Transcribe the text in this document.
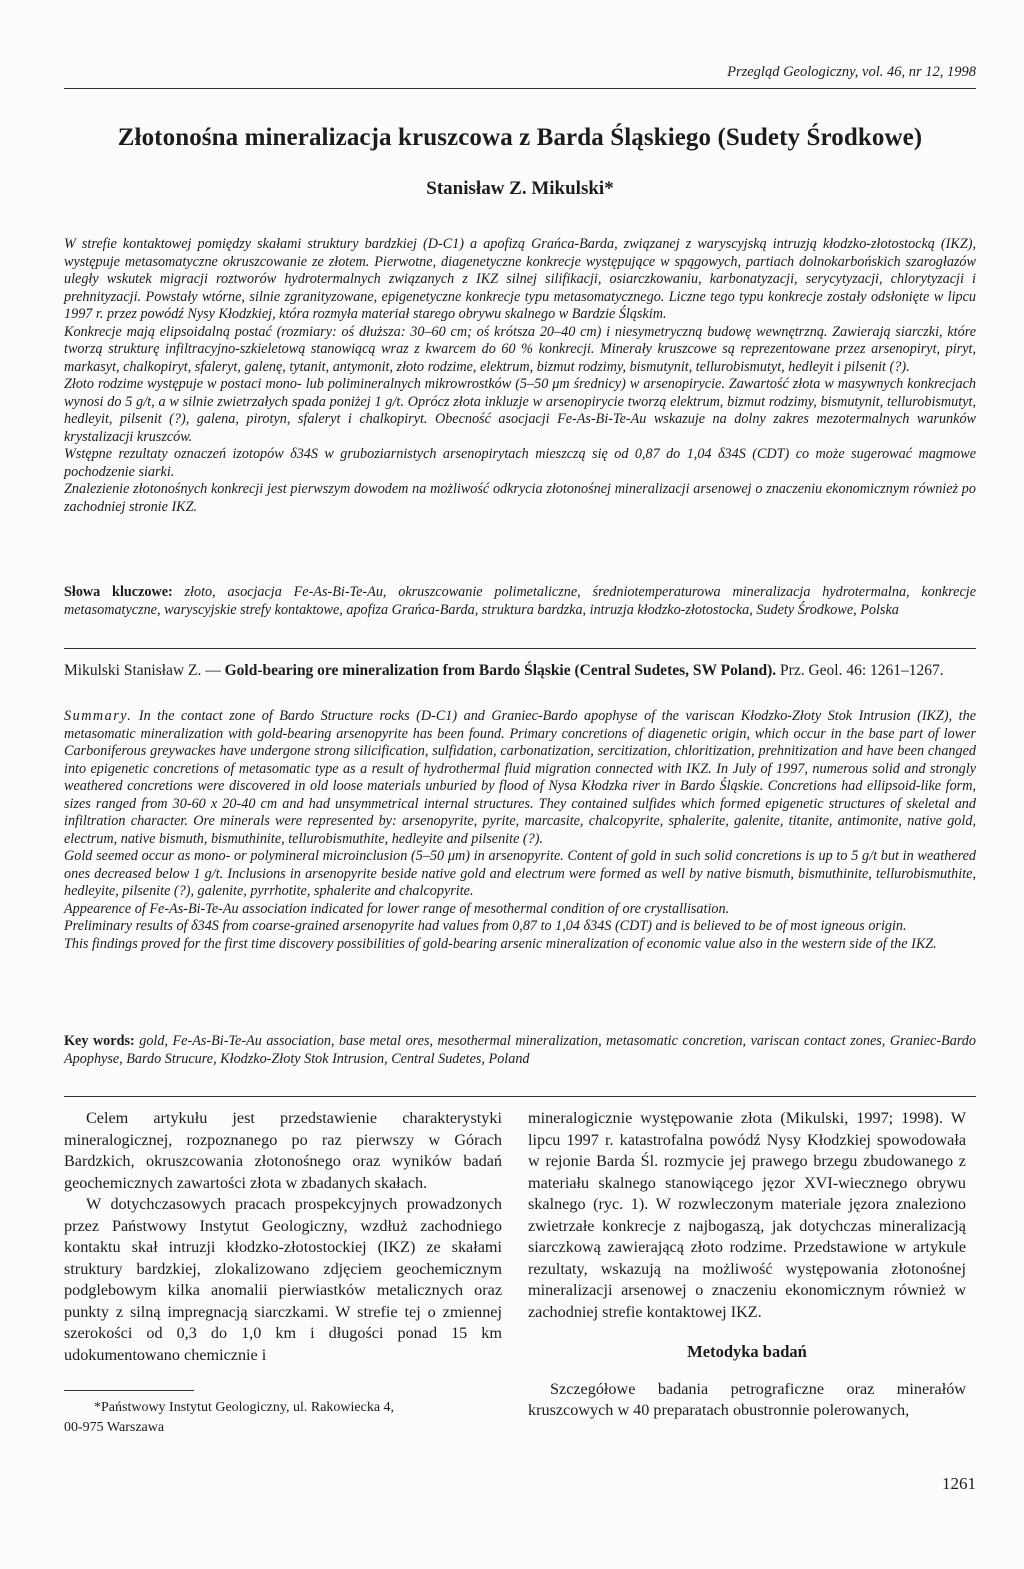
Przegląd Geologiczny, vol. 46, nr 12, 1998
Złotonośna mineralizacja kruszcowa z Barda Śląskiego (Sudety Środkowe)
Stanisław Z. Mikulski*

W strefie kontaktowej pomiędzy skałami struktury bardzkiej (D-C1) a apofizą Grańca-Barda, związanej z waryscyjską intruzją kłodzko-złotostocką (IKZ), występuje metasomatyczne okruszcowanie ze złotem. Pierwotne, diagenetyczne konkrecje występujące w spągowych, partiach dolnokarbońskich szarogłazów uległy wskutek migracji roztworów hydrotermalnych związanych z IKZ silnej silifikacji, osiarczkowaniu, karbonatyzacji, serycytyzacji, chlorytyzacji i prehnityzacji. Powstały wtórne, silnie zgranityzowane, epigenetyczne konkrecje typu metasomatycznego. Liczne tego typu konkrecje zostały odsłonięte w lipcu 1997 r. przez powódź Nysy Kłodzkiej, która rozmyła materiał starego obrywu skalnego w Bardzie Śląskim.

Konkrecje mają elipsoidalną postać (rozmiary: oś dłuższa: 30–60 cm; oś krótsza 20–40 cm) i niesymetryczną budowę wewnętrzną. Zawierają siarczki, które tworzą strukturę infiltracyjno-szkieletową stanowiącą wraz z kwarcem do 60 % konkrecji. Minerały kruszcowe są reprezentowane przez arsenopiryt, piryt, markasyt, chalkopiryt, sfaleryt, galenę, tytanit, antymonit, złoto rodzime, elektrum, bizmut rodzimy, bismutynit, tellurobismutyt, hedleyit i pilsenit (?).

Złoto rodzime występuje w postaci mono- lub polimineralnych mikrowrostków (5–50 μm średnicy) w arsenopirycie. Zawartość złota w masywnych konkrecjach wynosi do 5 g/t, a w silnie zwietrzałych spada poniżej 1 g/t. Oprócz złota inkluzje w arsenopirycie tworzą elektrum, bizmut rodzimy, bismutynit, tellurobismutyt, hedleyit, pilsenit (?), galena, pirotyn, sfaleryt i chalkopiryt. Obecność asocjacji Fe-As-Bi-Te-Au wskazuje na dolny zakres mezotermalnych warunków krystalizacji kruszców.

Wstępne rezultaty oznaczeń izotopów δ34S w gruboziarnistych arsenopirytach mieszczą się od 0,87 do 1,04 δ34S (CDT) co może sugerować magmowe pochodzenie siarki.

Znalezienie złotonośnych konkrecji jest pierwszym dowodem na możliwość odkrycia złotonośnej mineralizacji arsenowej o znaczeniu ekonomicznym również po zachodniej stronie IKZ.

Słowa kluczowe: złoto, asocjacja Fe-As-Bi-Te-Au, okruszcowanie polimetaliczne, średniotemperaturowa mineralizacja hydrotermalna, konkrecje metasomatyczne, waryscyjskie strefy kontaktowe, apofiza Grańca-Barda, struktura bardzka, intruzja kłodzko-złotostocka, Sudety Środkowe, Polska
Mikulski Stanisław Z. — Gold-bearing ore mineralization from Bardo Śląskie (Central Sudetes, SW Poland). Prz. Geol. 46: 1261–1267.

Summary. In the contact zone of Bardo Structure rocks (D-C1) and Graniec-Bardo apophyse of the variscan Kłodzko-Złoty Stok Intrusion (IKZ), the metasomatic mineralization with gold-bearing arsenopyrite has been found. Primary concretions of diagenetic origin, which occur in the base part of lower Carboniferous greywackes have undergone strong silicification, sulfidation, carbonatization, sercitization, chloritization, prehnitization and have been changed into epigenetic concretions of metasomatic type as a result of hydrothermal fluid migration connected with IKZ. In July of 1997, numerous solid and strongly weathered concretions were discovered in old loose materials unburied by flood of Nysa Kłodzka river in Bardo Śląskie. Concretions had ellipsoid-like form, sizes ranged from 30-60 x 20-40 cm and had unsymmetrical internal structures. They contained sulfides which formed epigenetic structures of skeletal and infiltration character. Ore minerals were represented by: arsenopyrite, pyrite, marcasite, chalcopyrite, sphalerite, galenite, titanite, antimonite, native gold, electrum, native bismuth, bismuthinite, tellurobismuthite, hedleyite and pilsenite (?).

Gold seemed occur as mono- or polymineral microinclusion (5–50 μm) in arsenopyrite. Content of gold in such solid concretions is up to 5 g/t but in weathered ones decreased below 1 g/t. Inclusions in arsenopyrite beside native gold and electrum were formed as well by native bismuth, bismuthinite, tellurobismuthite, hedleyite, pilsenite (?), galenite, pyrrhotite, sphalerite and chalcopyrite.

Appearence of Fe-As-Bi-Te-Au association indicated for lower range of mesothermal condition of ore crystallisation.

Preliminary results of δ34S from coarse-grained arsenopyrite had values from 0,87 to 1,04 δ34S (CDT) and is believed to be of most igneous origin.

This findings proved for the first time discovery possibilities of gold-bearing arsenic mineralization of economic value also in the western side of the IKZ.

Key words: gold, Fe-As-Bi-Te-Au association, base metal ores, mesothermal mineralization, metasomatic concretion, variscan contact zones, Graniec-Bardo Apophyse, Bardo Strucure, Kłodzko-Złoty Stok Intrusion, Central Sudetes, Poland

Celem artykułu jest przedstawienie charakterystyki mineralogicznej, rozpoznanego po raz pierwszy w Górach Bardzkich, okruszcowania złotonośnego oraz wyników badań geochemicznych zawartości złota w zbadanych skałach.

W dotychczasowych pracach prospekcyjnych prowadzonych przez Państwowy Instytut Geologiczny, wzdłuż zachodniego kontaktu skał intruzji kłodzko-złotostockiej (IKZ) ze skałami struktury bardzkiej, zlokalizowano zdjęciem geochemicznym podglebowym kilka anomalii pierwiastków metalicznych oraz punkty z silną impregnacją siarczkami. W strefie tej o zmiennej szerokości od 0,3 do 1,0 km i długości ponad 15 km udokumentowano chemicznie i

mineralogicznie występowanie złota (Mikulski, 1997; 1998). W lipcu 1997 r. katastrofalna powódź Nysy Kłodzkiej spowodowała w rejonie Barda Śl. rozmycie jej prawego brzegu zbudowanego z materiału skalnego stanowiącego jęzor XVI-wiecznego obrywu skalnego (ryc. 1). W rozwleczonym materiale jęzora znaleziono zwietrzałe konkrecje z najbogaszą, jak dotychczas mineralizacją siarczkową zawierającą złoto rodzime. Przedstawione w artykule rezultaty, wskazują na możliwość występowania złotonośnej mineralizacji arsenowej o znaczeniu ekonomicznym również w zachodniej strefie kontaktowej IKZ.

Metodyka badań

Szczegółowe badania petrograficzne oraz minerałów kruszcowych w 40 preparatach obustronnie polerowanych,

*Państwowy Instytut Geologiczny, ul. Rakowiecka 4,
00-975 Warszawa
1261
